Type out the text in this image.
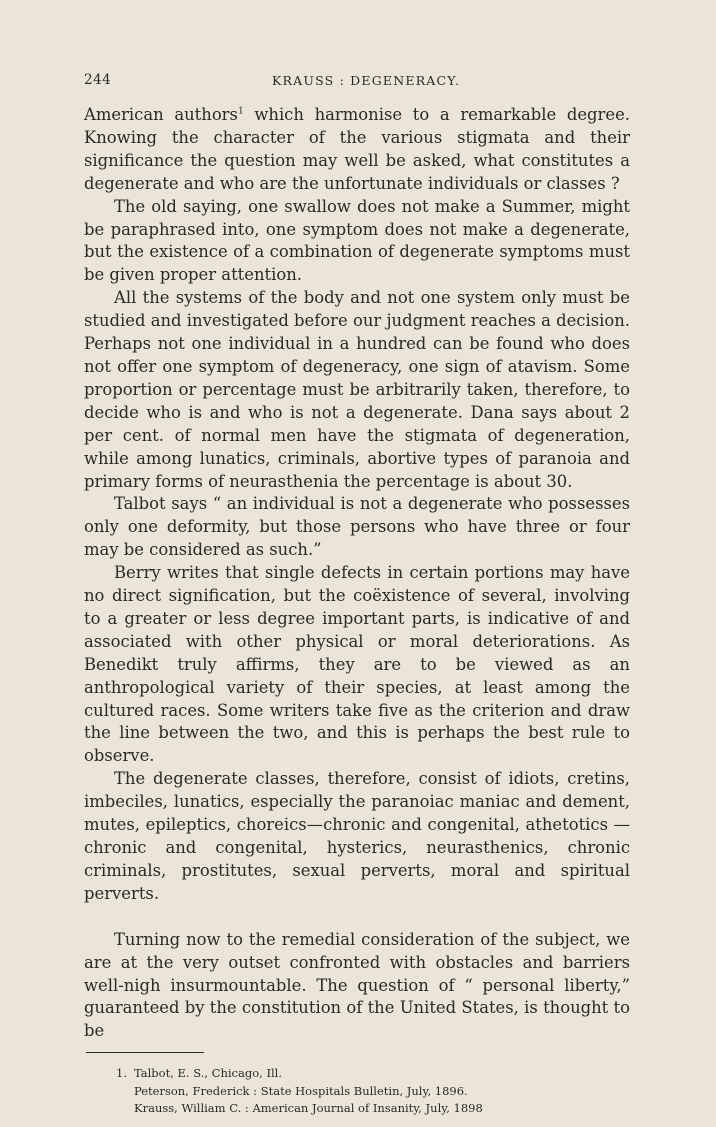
244	KRAUSS : DEGENERACY.

American authors$^1$ which harmonise to a remarkable degree. Knowing the character of the various stigmata and their significance the question may well be asked, what constitutes a degenerate and who are the unfortunate individuals or classes ?

The old saying, one swallow does not make a Summer, might be paraphrased into, one symptom does not make a degenerate, but the existence of a combination of degenerate symptoms must be given proper attention.

All the systems of the body and not one system only must be studied and investigated before our judgment reaches a decision. Perhaps not one individual in a hundred can be found who does not offer one symptom of degeneracy, one sign of atavism. Some proportion or percentage must be arbitrarily taken, therefore, to decide who is and who is not a degenerate. Dana says about 2 per cent. of normal men have the stigmata of degeneration, while among lunatics, criminals, abortive types of paranoia and primary forms of neurasthenia the percentage is about 30.

Talbot says “ an individual is not a degenerate who possesses only one deformity, but those persons who have three or four may be considered as such.”

Berry writes that single defects in certain portions may have no direct signification, but the coëxistence of several, involving to a greater or less degree important parts, is indicative of and associated with other physical or moral deteriorations. As Benedikt truly affirms, they are to be viewed as an anthropological variety of their species, at least among the cultured races. Some writers take five as the criterion and draw the line between the two, and this is perhaps the best rule to observe.

The degenerate classes, therefore, consist of idiots, cretins, imbeciles, lunatics, especially the paranoiac maniac and dement, mutes, epileptics, choreics—chronic and congenital, athetotics — chronic and congenital, hysterics, neurasthenics, chronic criminals, prostitutes, sexual perverts, moral and spiritual perverts.

Turning now to the remedial consideration of the subject, we are at the very outset confronted with obstacles and barriers well-nigh insurmountable. The question of “ personal liberty,” guaranteed by the constitution of the United States, is thought to be

1. Talbot, E. S., Chicago, Ill.
Peterson, Frederick : State Hospitals Bulletin, July, 1896.
Krauss, William C. : American Journal of Insanity, July, 1898
